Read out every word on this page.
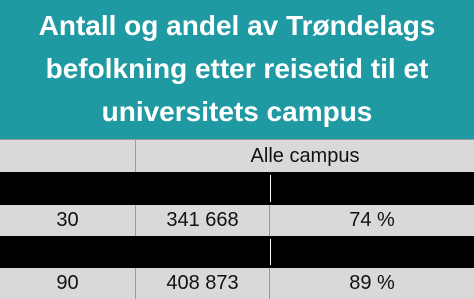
Antall og andel av Trøndelags
befolkning etter reisetid til et
universitets campus
Alle campus
30	341 668	74 %
90	408 873	89 %
